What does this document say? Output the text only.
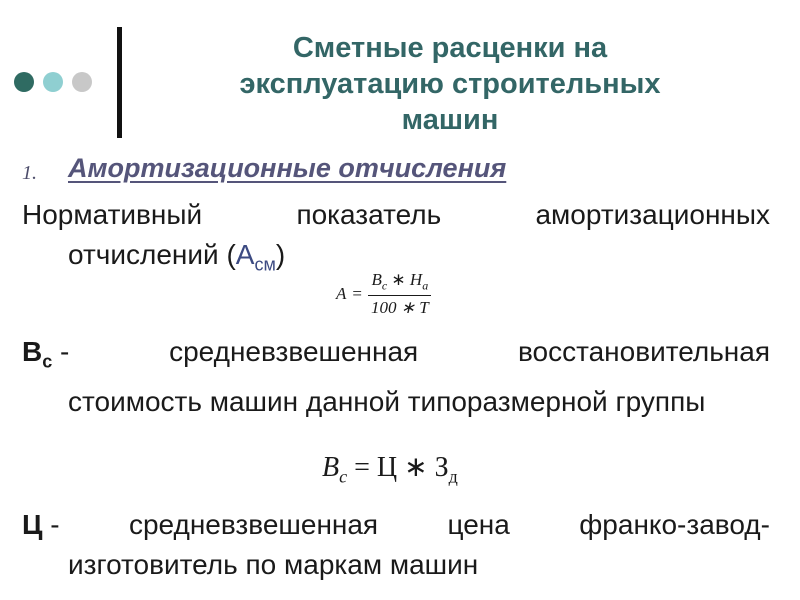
Сметные расценки на
эксплуатацию строительных
машин
1. Амортизационные отчисления
Нормативный	показатель	амортизационных
отчислений $(А_{см})$
$A = \frac{B_c ∗ H_a}{100 ∗ T}$
$В_с$ -	средневзвешенная	восстановительная
стоимость машин данной типоразмерной группы
$B_c = Ц$ ∗ $З_д$
Ц - средневзвешенная цена франко-завод-
изготовитель по маркам машин
